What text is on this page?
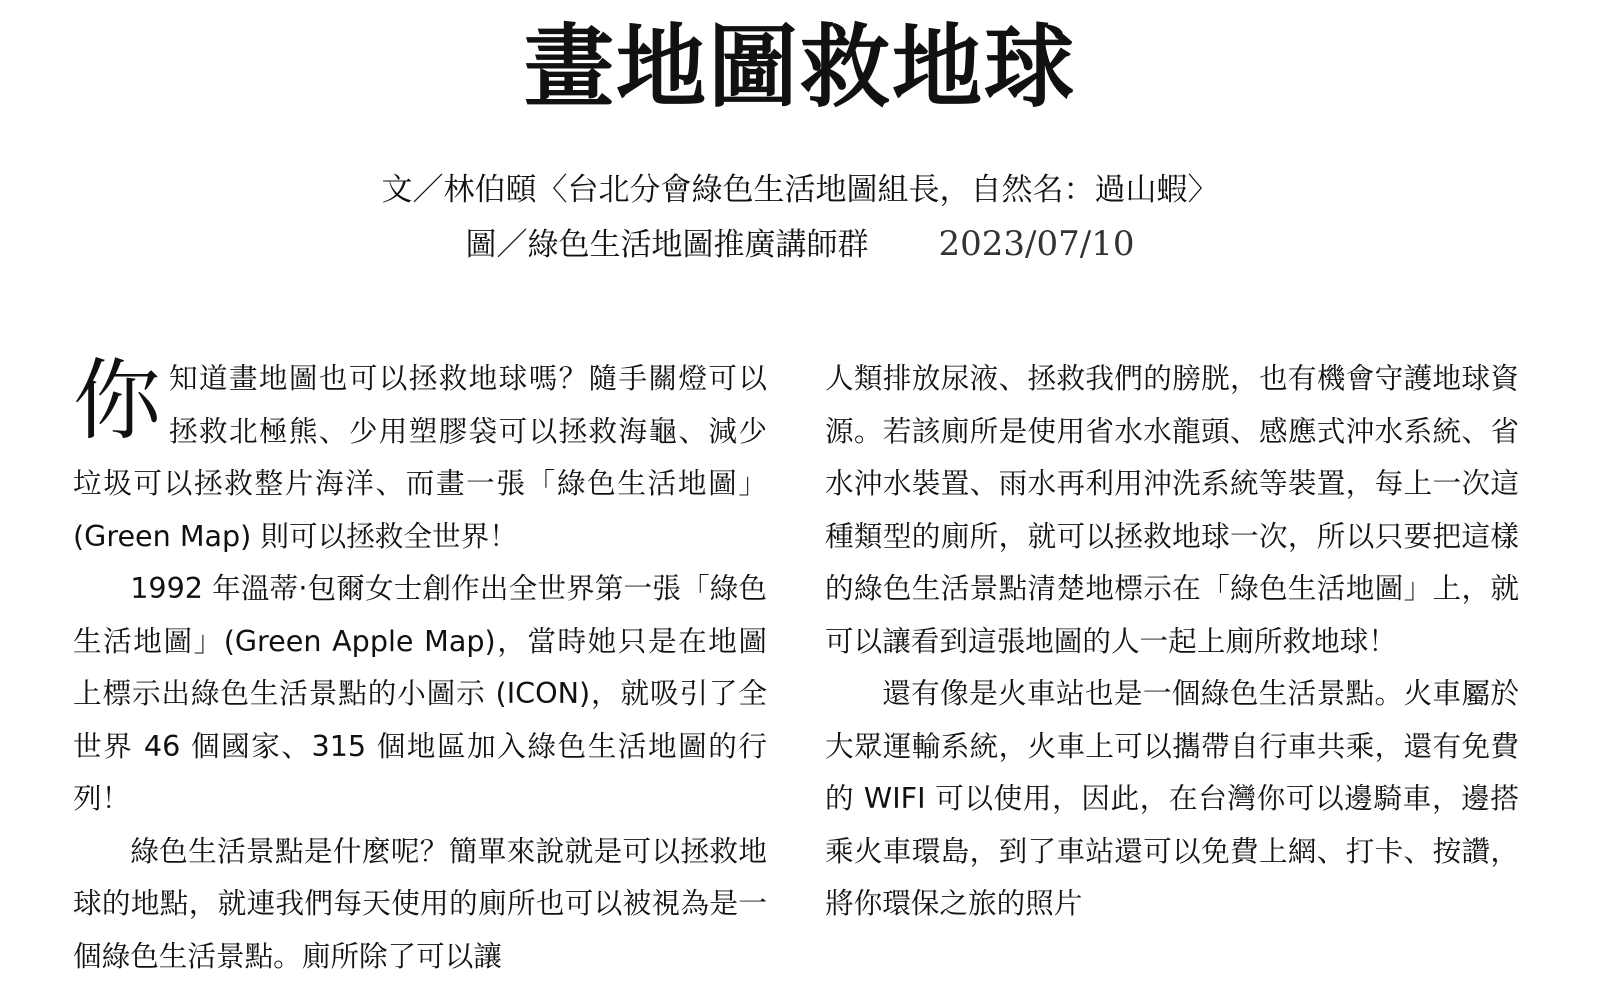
畫地圖救地球
文／林伯頤〈台北分會綠色生活地圖組長，自然名：過山蝦〉
圖／綠色生活地圖推廣講師群 2023/07/10

你知道畫地圖也可以拯救地球嗎？隨手關燈可以拯救北極熊、少用塑膠袋可以拯救海龜、減少垃圾可以拯救整片海洋、而畫一張「綠色生活地圖」(Green Map) 則可以拯救全世界！

1992 年溫蒂‧包爾女士創作出全世界第一張「綠色生活地圖」(Green Apple Map)，當時她只是在地圖上標示出綠色生活景點的小圖示 (ICON)，就吸引了全世界 46 個國家、315 個地區加入綠色生活地圖的行列！

綠色生活景點是什麼呢？簡單來說就是可以拯救地球的地點，就連我們每天使用的廁所也可以被視為是一個綠色生活景點。廁所除了可以讓

人類排放尿液、拯救我們的膀胱，也有機會守護地球資源。若該廁所是使用省水水龍頭、感應式沖水系統、省水沖水裝置、雨水再利用沖洗系統等裝置，每上一次這種類型的廁所，就可以拯救地球一次，所以只要把這樣的綠色生活景點清楚地標示在「綠色生活地圖」上，就可以讓看到這張地圖的人一起上廁所救地球！

還有像是火車站也是一個綠色生活景點。火車屬於大眾運輸系統，火車上可以攜帶自行車共乘，還有免費的 WIFI 可以使用，因此，在台灣你可以邊騎車，邊搭乘火車環島，到了車站還可以免費上網、打卡、按讚，將你環保之旅的照片
